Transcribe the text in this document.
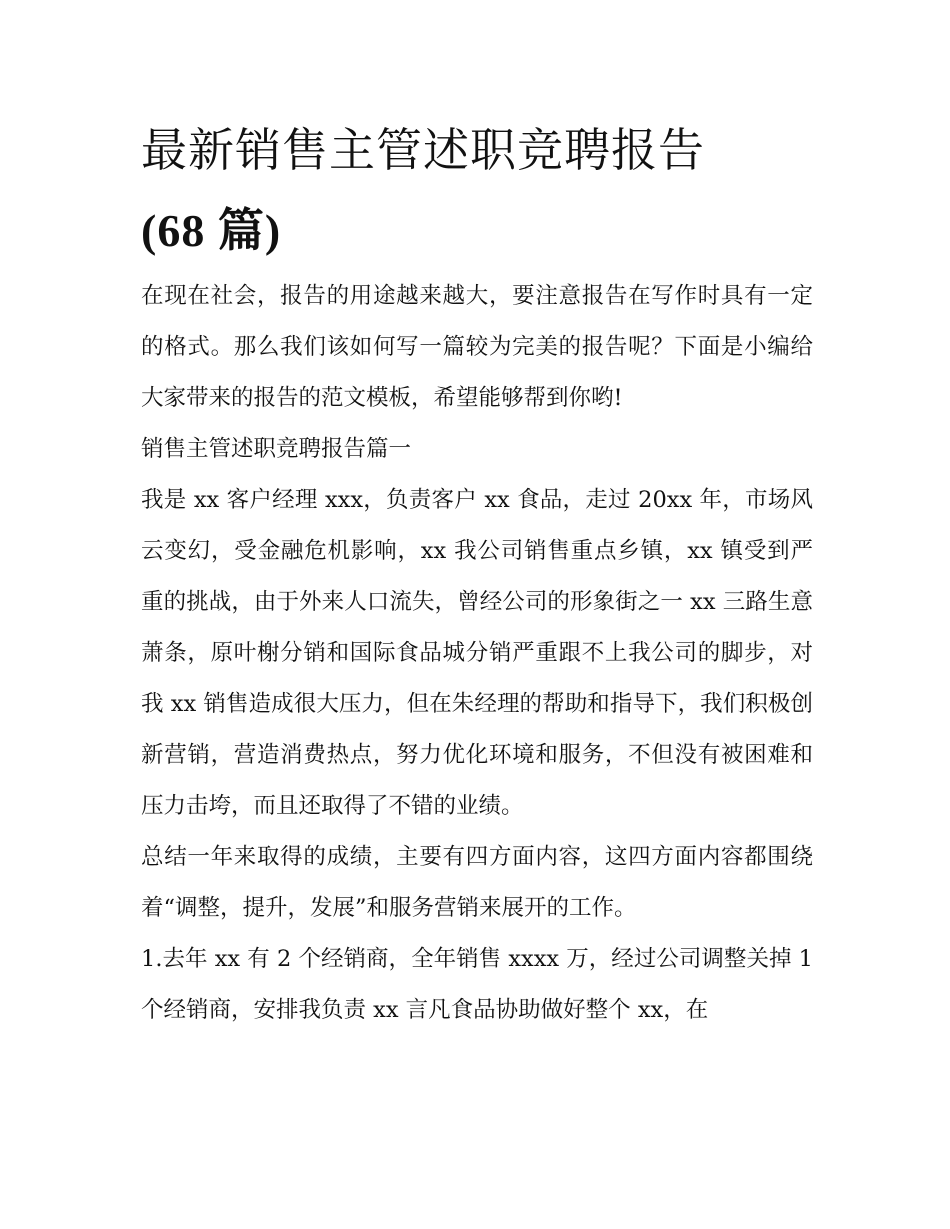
最新销售主管述职竞聘报告
(68 篇)

在现在社会，报告的用途越来越大，要注意报告在写作时具有一定的格式。那么我们该如何写一篇较为完美的报告呢？下面是小编给大家带来的报告的范文模板，希望能够帮到你哟!

销售主管述职竞聘报告篇一

我是 xx 客户经理 xxx，负责客户 xx 食品，走过 20xx 年，市场风云变幻，受金融危机影响，xx 我公司销售重点乡镇，xx 镇受到严重的挑战，由于外来人口流失，曾经公司的形象街之一 xx 三路生意萧条，原叶榭分销和国际食品城分销严重跟不上我公司的脚步，对我 xx 销售造成很大压力，但在朱经理的帮助和指导下，我们积极创新营销，营造消费热点，努力优化环境和服务，不但没有被困难和压力击垮，而且还取得了不错的业绩。

总结一年来取得的成绩，主要有四方面内容，这四方面内容都围绕着“调整，提升，发展”和服务营销来展开的工作。

1.去年 xx 有 2 个经销商，全年销售 xxxx 万，经过公司调整关掉 1 个经销商，安排我负责 xx 言凡食品协助做好整个 xx，在
